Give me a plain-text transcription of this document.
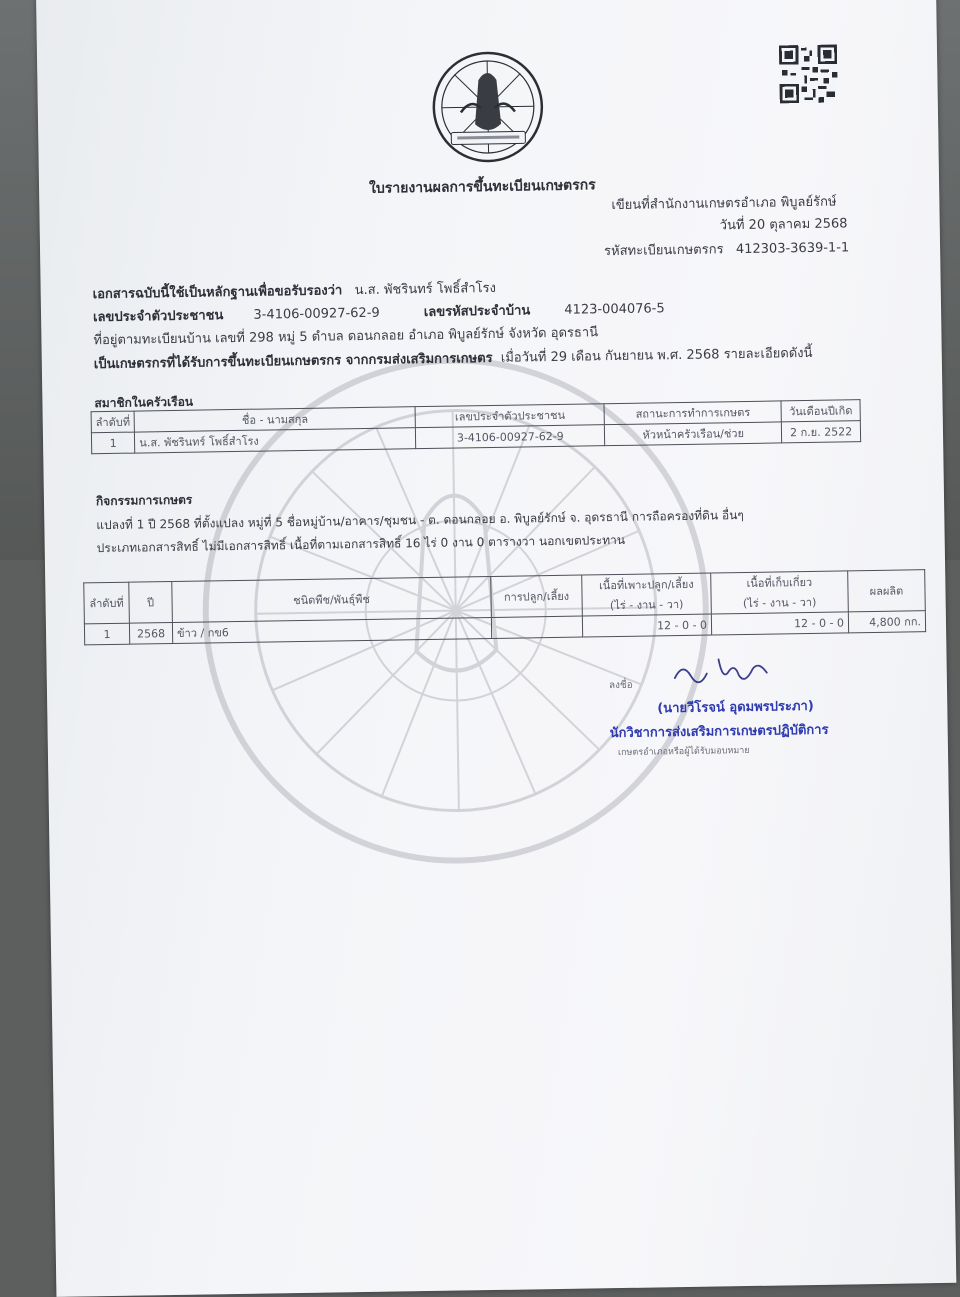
ใบรายงานผลการขึ้นทะเบียนเกษตรกร
เขียนที่สำนักงานเกษตรอำเภอ พิบูลย์รักษ์
วันที่ 20 ตุลาคม 2568
รหัสทะเบียนเกษตรกร 412303-3639-1-1
เอกสารฉบับนี้ใช้เป็นหลักฐานเพื่อขอรับรองว่า น.ส. พัชรินทร์ โพธิ์สำโรง
เลขประจำตัวประชาชน 3-4106-00927-62-9	เลขรหัสประจำบ้าน	4123-004076-5
ที่อยู่ตามทะเบียนบ้าน เลขที่ 298 หมู่ 5 ตำบล ดอนกลอย อำเภอ พิบูลย์รักษ์ จังหวัด อุดรธานี
เป็นเกษตรกรที่ได้รับการขึ้นทะเบียนเกษตรกร จากกรมส่งเสริมการเกษตร เมื่อวันที่ 29 เดือน กันยายน พ.ศ. 2568 รายละเอียดดังนี้
สมาชิกในครัวเรือน
ลำดับที่	ชื่อ - นามสกุล	เลขประจำตัวประชาชน	สถานะการทำการเกษตร	วันเดือนปีเกิด
1	น.ส. พัชรินทร์ โพธิ์สำโรง	3-4106-00927-62-9	หัวหน้าครัวเรือน/ช่วย	2 ก.ย. 2522
กิจกรรมการเกษตร
แปลงที่ 1 ปี 2568 ที่ตั้งแปลง หมู่ที่ 5 ชื่อหมู่บ้าน/อาคาร/ชุมชน - ต. ดอนกลอย อ. พิบูลย์รักษ์ จ. อุดรธานี การถือครองที่ดิน อื่นๆ
ประเภทเอกสารสิทธิ์ ไม่มีเอกสารสิทธิ์ เนื้อที่ตามเอกสารสิทธิ์ 16 ไร่ 0 งาน 0 ตารางวา นอกเขตประทาน
ลำดับที่	ปี	ชนิดพืช/พันธุ์พืช	การปลูก/เลี้ยง	เนื้อที่เพาะปลูก/เลี้ยง	เนื้อที่เก็บเกี่ยว	ผลผลิต
				(ไร่ - งาน - วา)	(ไร่ - งาน - วา)	
1	2568	ข้าว / กข6		12 - 0 - 0	12 - 0 - 0	4,800 กก.
ลงชื่อ
(นายวีโรจน์ อุดมพรประภา)
นักวิชาการส่งเสริมการเกษตรปฏิบัติการ
เกษตรอำเภอหรือผู้ได้รับมอบหมาย
